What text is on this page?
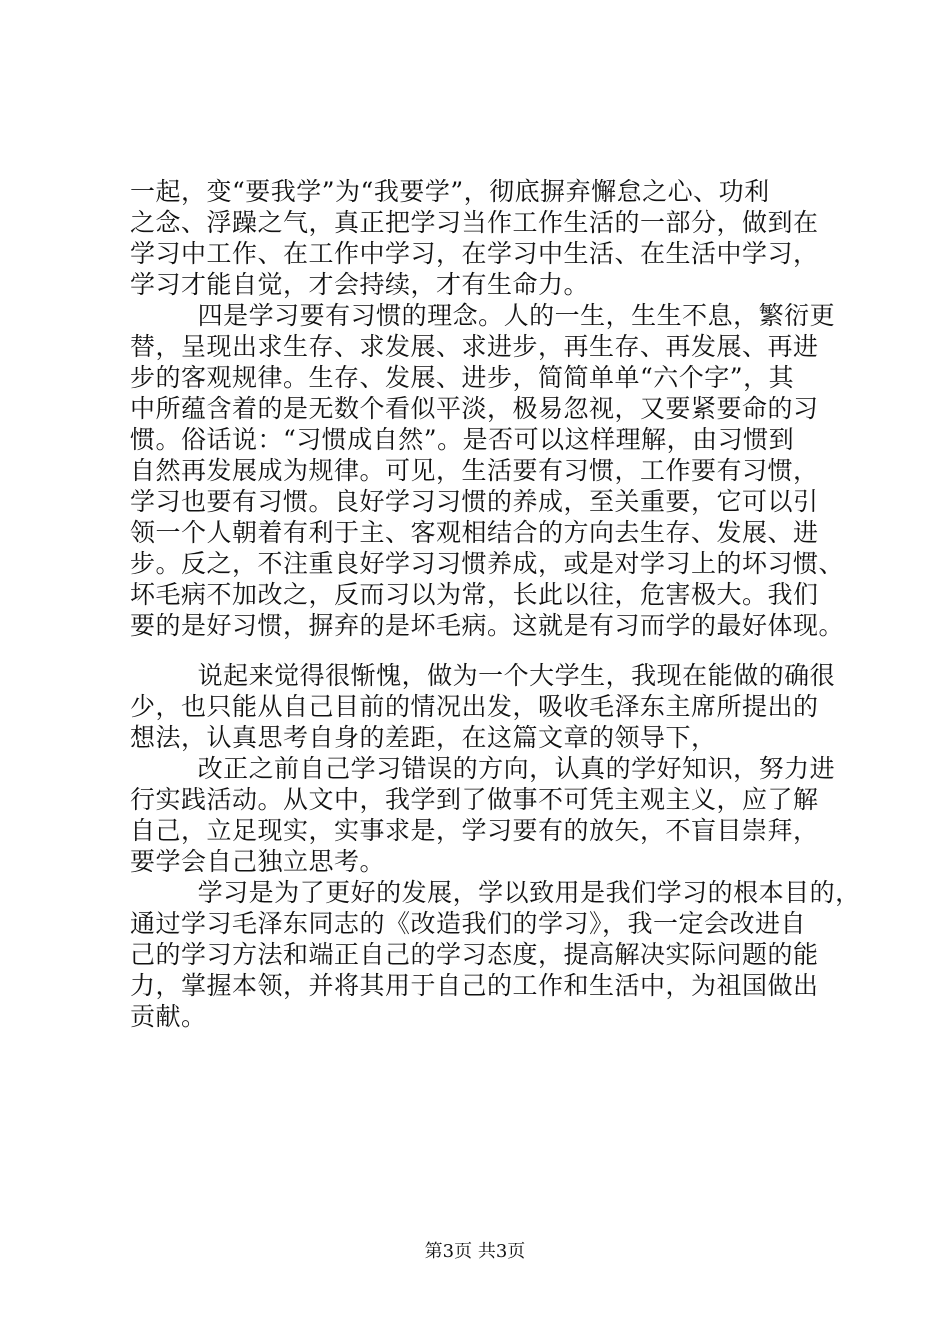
一起，变“要我学”为“我要学”，彻底摒弃懈怠之心、功利
之念、浮躁之气，真正把学习当作工作生活的一部分，做到在
学习中工作、在工作中学习，在学习中生活、在生活中学习，
学习才能自觉，才会持续，才有生命力。
四是学习要有习惯的理念。人的一生，生生不息，繁衍更
替，呈现出求生存、求发展、求进步，再生存、再发展、再进
步的客观规律。生存、发展、进步，简简单单“六个字”，其
中所蕴含着的是无数个看似平淡，极易忽视，又要紧要命的习
惯。俗话说：“习惯成自然”。是否可以这样理解，由习惯到
自然再发展成为规律。可见，生活要有习惯，工作要有习惯，
学习也要有习惯。良好学习习惯的养成，至关重要，它可以引
领一个人朝着有利于主、客观相结合的方向去生存、发展、进
步。反之，不注重良好学习习惯养成，或是对学习上的坏习惯、
坏毛病不加改之，反而习以为常，长此以往，危害极大。我们
要的是好习惯，摒弃的是坏毛病。这就是有习而学的最好体现。
说起来觉得很惭愧，做为一个大学生，我现在能做的确很
少，也只能从自己目前的情况出发，吸收毛泽东主席所提出的
想法，认真思考自身的差距，在这篇文章的领导下，
改正之前自己学习错误的方向，认真的学好知识，努力进
行实践活动。从文中，我学到了做事不可凭主观主义，应了解
自己，立足现实，实事求是，学习要有的放矢，不盲目崇拜，
要学会自己独立思考。
学习是为了更好的发展，学以致用是我们学习的根本目的，
通过学习毛泽东同志的《改造我们的学习》，我一定会改进自
己的学习方法和端正自己的学习态度，提高解决实际问题的能
力，掌握本领，并将其用于自己的工作和生活中，为祖国做出
贡献。
第3页 共3页
